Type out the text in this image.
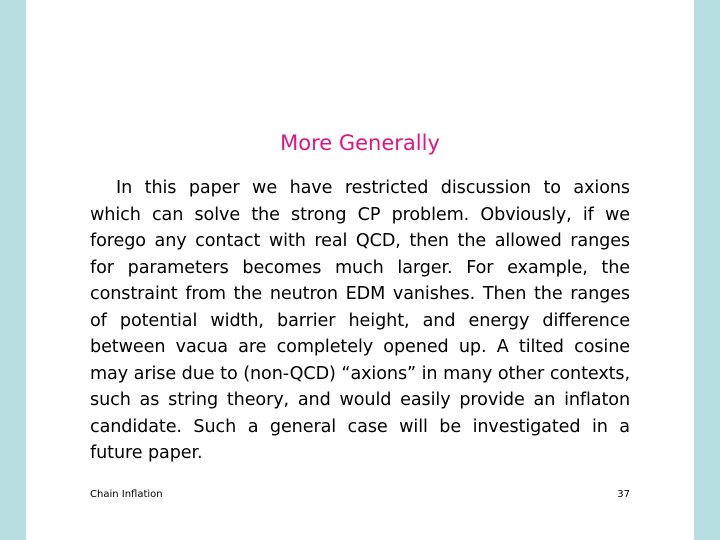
More Generally

In this paper we have restricted discussion to axions which can solve the strong CP problem. Obviously, if we forego any contact with real QCD, then the allowed ranges for parameters becomes much larger. For example, the constraint from the neutron EDM vanishes. Then the ranges of potential width, barrier height, and energy difference between vacua are completely opened up. A tilted cosine may arise due to (non-QCD) “axions” in many other contexts, such as string theory, and would easily provide an inflaton candidate. Such a general case will be investigated in a future paper.

Chain Inflation	37
